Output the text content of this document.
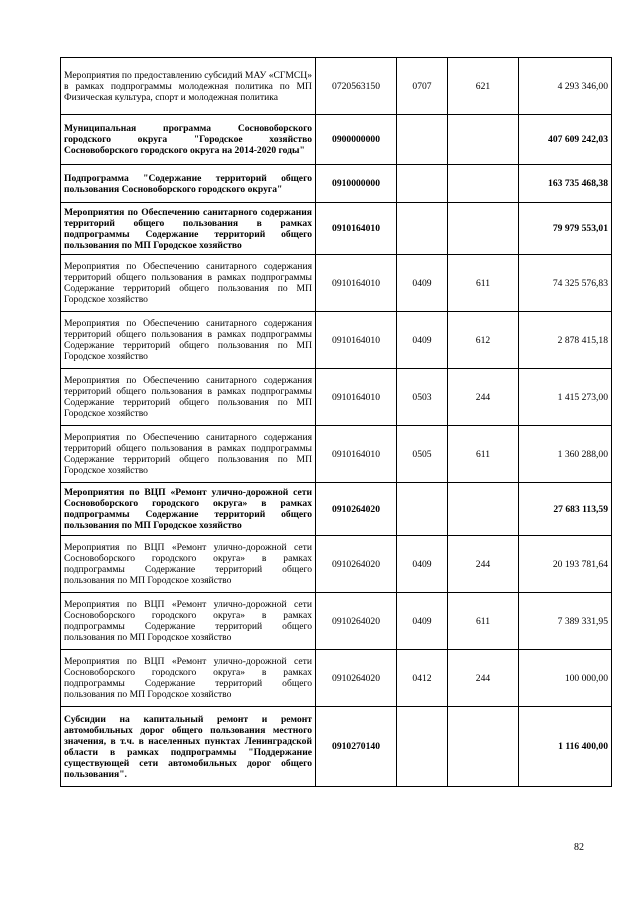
Мероприятия по предоставлению субсидий МАУ «СГМСЦ» в рамках подпрограммы молодежная политика по МП Физическая культура, спорт и молодежная политика	0720563150	0707	621	4 293 346,00
Муниципальная программа Сосновоборского городского округа "Городское хозяйство Сосновоборского городского округа на 2014-2020 годы"	0900000000			407 609 242,03
Подпрограмма "Содержание территорий общего пользования Сосновоборского городского округа"	0910000000			163 735 468,38
Мероприятия по Обеспечению санитарного содержания территорий общего пользования в рамках подпрограммы Содержание территорий общего пользования по МП Городское хозяйство	0910164010			79 979 553,01
Мероприятия по Обеспечению санитарного содержания территорий общего пользования в рамках подпрограммы Содержание территорий общего пользования по МП Городское хозяйство	0910164010	0409	611	74 325 576,83
Мероприятия по Обеспечению санитарного содержания территорий общего пользования в рамках подпрограммы Содержание территорий общего пользования по МП Городское хозяйство	0910164010	0409	612	2 878 415,18
Мероприятия по Обеспечению санитарного содержания территорий общего пользования в рамках подпрограммы Содержание территорий общего пользования по МП Городское хозяйство	0910164010	0503	244	1 415 273,00
Мероприятия по Обеспечению санитарного содержания территорий общего пользования в рамках подпрограммы Содержание территорий общего пользования по МП Городское хозяйство	0910164010	0505	611	1 360 288,00
Мероприятия по ВЦП «Ремонт улично-дорожной сети Сосновоборского городского округа» в рамках подпрограммы Содержание территорий общего пользования по МП Городское хозяйство	0910264020			27 683 113,59
Мероприятия по ВЦП «Ремонт улично-дорожной сети Сосновоборского городского округа» в рамках подпрограммы Содержание территорий общего пользования по МП Городское хозяйство	0910264020	0409	244	20 193 781,64
Мероприятия по ВЦП «Ремонт улично-дорожной сети Сосновоборского городского округа» в рамках подпрограммы Содержание территорий общего пользования по МП Городское хозяйство	0910264020	0409	611	7 389 331,95
Мероприятия по ВЦП «Ремонт улично-дорожной сети Сосновоборского городского округа» в рамках подпрограммы Содержание территорий общего пользования по МП Городское хозяйство	0910264020	0412	244	100 000,00
Субсидии на капитальный ремонт и ремонт автомобильных дорог общего пользования местного значения, в т.ч. в населенных пунктах Ленинградской области в рамках подпрограммы "Поддержание существующей сети автомобильных дорог общего пользования".	0910270140			1 116 400,00
82
